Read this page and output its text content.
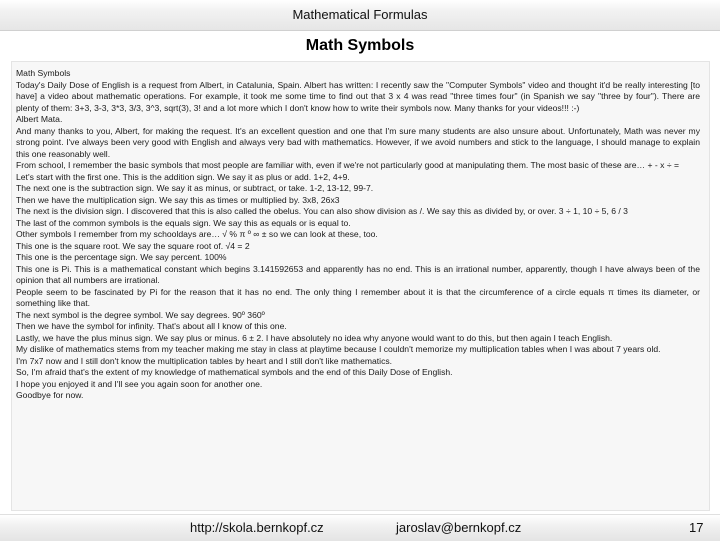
Mathematical Formulas
Math Symbols

Math Symbols

Today's Daily Dose of English is a request from Albert, in Catalunia, Spain. Albert has written: I recently saw the "Computer Symbols" video and thought it'd be really interesting [to have] a video about mathematic operations. For example, it took me some time to find out that 3 x 4 was read "three times four" (in Spanish we say "three by four"). There are plenty of them: 3+3, 3-3, 3*3, 3/3, 3^3, sqrt(3), 3! and a lot more which I don't know how to write their symbols now. Many thanks for your videos!!! :-)

Albert Mata.

And many thanks to you, Albert, for making the request. It's an excellent question and one that I'm sure many students are also unsure about. Unfortunately, Math was never my strong point. I've always been very good with English and always very bad with mathematics. However, if we avoid numbers and stick to the language, I should manage to explain this one reasonably well.

From school, I remember the basic symbols that most people are familiar with, even if we're not particularly good at manipulating them. The most basic of these are… + - x ÷ =

Let's start with the first one. This is the addition sign. We say it as plus or add. 1+2, 4+9.

The next one is the subtraction sign. We say it as minus, or subtract, or take. 1-2, 13-12, 99-7.

Then we have the multiplication sign. We say this as times or multiplied by. 3x8, 26x3

The next is the division sign. I discovered that this is also called the obelus. You can also show division as /. We say this as divided by, or over. 3 ÷ 1, 10 ÷ 5, 6 / 3

The last of the common symbols is the equals sign. We say this as equals or is equal to.

Other symbols I remember from my schooldays are… √ % π º ∞ ± so we can look at these, too.

This one is the square root. We say the square root of. √4 = 2

This one is the percentage sign. We say percent. 100%

This one is Pi. This is a mathematical constant which begins 3.141592653 and apparently has no end. This is an irrational number, apparently, though I have always been of the opinion that all numbers are irrational.

People seem to be fascinated by Pi for the reason that it has no end. The only thing I remember about it is that the circumference of a circle equals π times its diameter, or something like that.

The next symbol is the degree symbol. We say degrees. 90º 360º

Then we have the symbol for infinity. That's about all I know of this one.

Lastly, we have the plus minus sign. We say plus or minus. 6 ± 2. I have absolutely no idea why anyone would want to do this, but then again I teach English.

My dislike of mathematics stems from my teacher making me stay in class at playtime because I couldn't memorize my multiplication tables when I was about 7 years old.

I'm 7x7 now and I still don't know the multiplication tables by heart and I still don't like mathematics.

So, I'm afraid that's the extent of my knowledge of mathematical symbols and the end of this Daily Dose of English.

I hope you enjoyed it and I'll see you again soon for another one.

Goodbye for now.

http://skola.bernkopf.cz	jaroslav@bernkopf.cz	17
